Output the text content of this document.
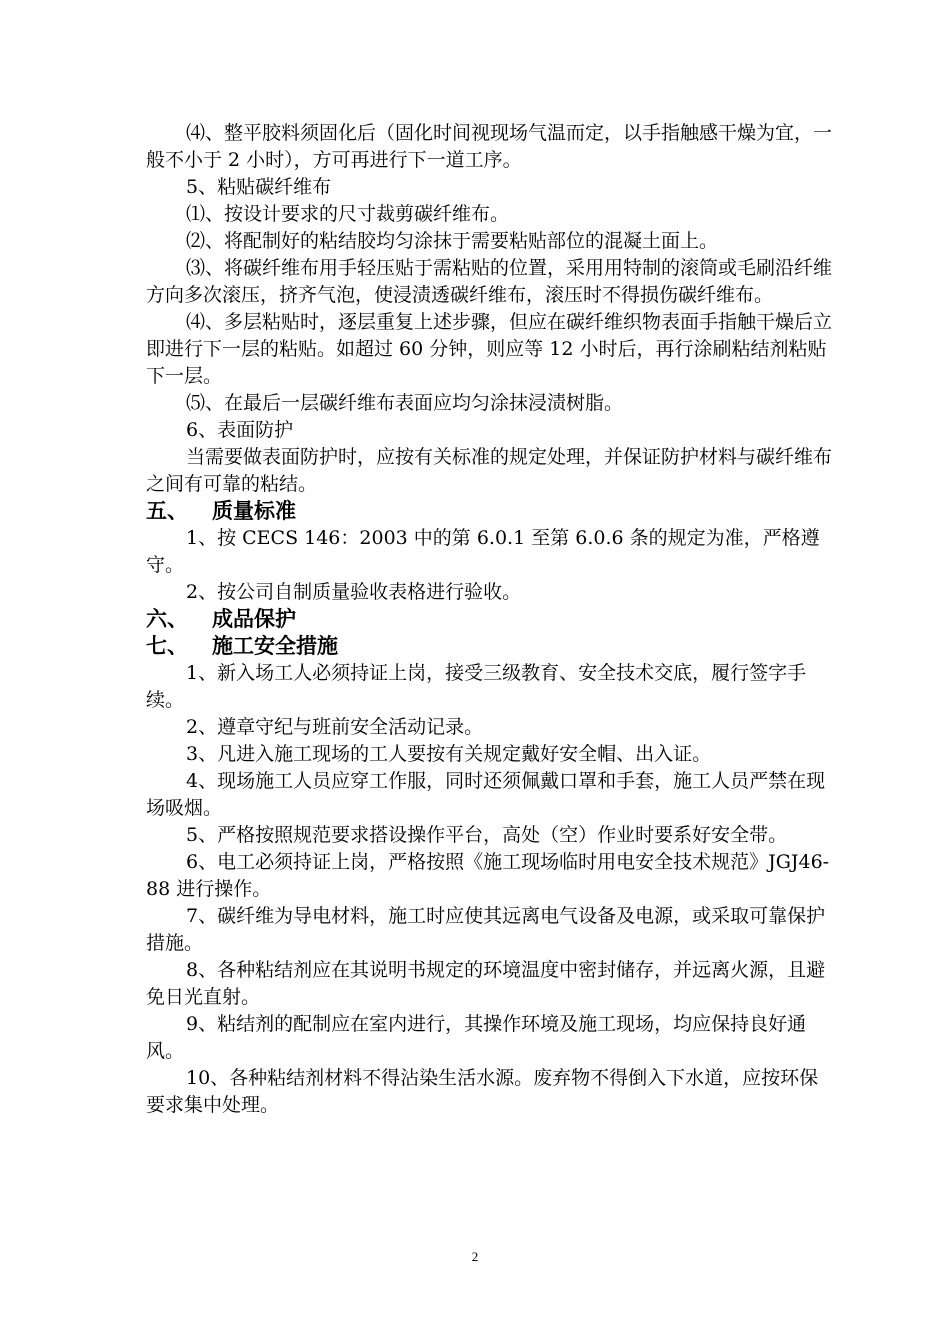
⑷、整平胶料须固化后（固化时间视现场气温而定，以手指触感干燥为宜，一般不小于 2 小时），方可再进行下一道工序。

5、粘贴碳纤维布

⑴、按设计要求的尺寸裁剪碳纤维布。

⑵、将配制好的粘结胶均匀涂抹于需要粘贴部位的混凝土面上。

⑶、将碳纤维布用手轻压贴于需粘贴的位置，采用用特制的滚筒或毛刷沿纤维方向多次滚压，挤齐气泡，使浸渍透碳纤维布，滚压时不得损伤碳纤维布。

⑷、多层粘贴时，逐层重复上述步骤，但应在碳纤维织物表面手指触干燥后立即进行下一层的粘贴。如超过 60 分钟，则应等 12 小时后，再行涂刷粘结剂粘贴下一层。

⑸、在最后一层碳纤维布表面应均匀涂抹浸渍树脂。

6、表面防护

当需要做表面防护时，应按有关标准的规定处理，并保证防护材料与碳纤维布之间有可靠的粘结。

五、 质量标准

1、按 CECS 146：2003 中的第 6.0.1 至第 6.0.6 条的规定为准，严格遵守。

2、按公司自制质量验收表格进行验收。

六、 成品保护

七、 施工安全措施

1、新入场工人必须持证上岗，接受三级教育、安全技术交底，履行签字手续。

2、遵章守纪与班前安全活动记录。

3、凡进入施工现场的工人要按有关规定戴好安全帽、出入证。

4、现场施工人员应穿工作服，同时还须佩戴口罩和手套，施工人员严禁在现场吸烟。

5、严格按照规范要求搭设操作平台，高处（空）作业时要系好安全带。

6、电工必须持证上岗，严格按照《施工现场临时用电安全技术规范》JGJ46-88 进行操作。

7、碳纤维为导电材料，施工时应使其远离电气设备及电源，或采取可靠保护措施。

8、各种粘结剂应在其说明书规定的环境温度中密封储存，并远离火源，且避免日光直射。

9、粘结剂的配制应在室内进行，其操作环境及施工现场，均应保持良好通风。

10、各种粘结剂材料不得沾染生活水源。废弃物不得倒入下水道，应按环保要求集中处理。

2
